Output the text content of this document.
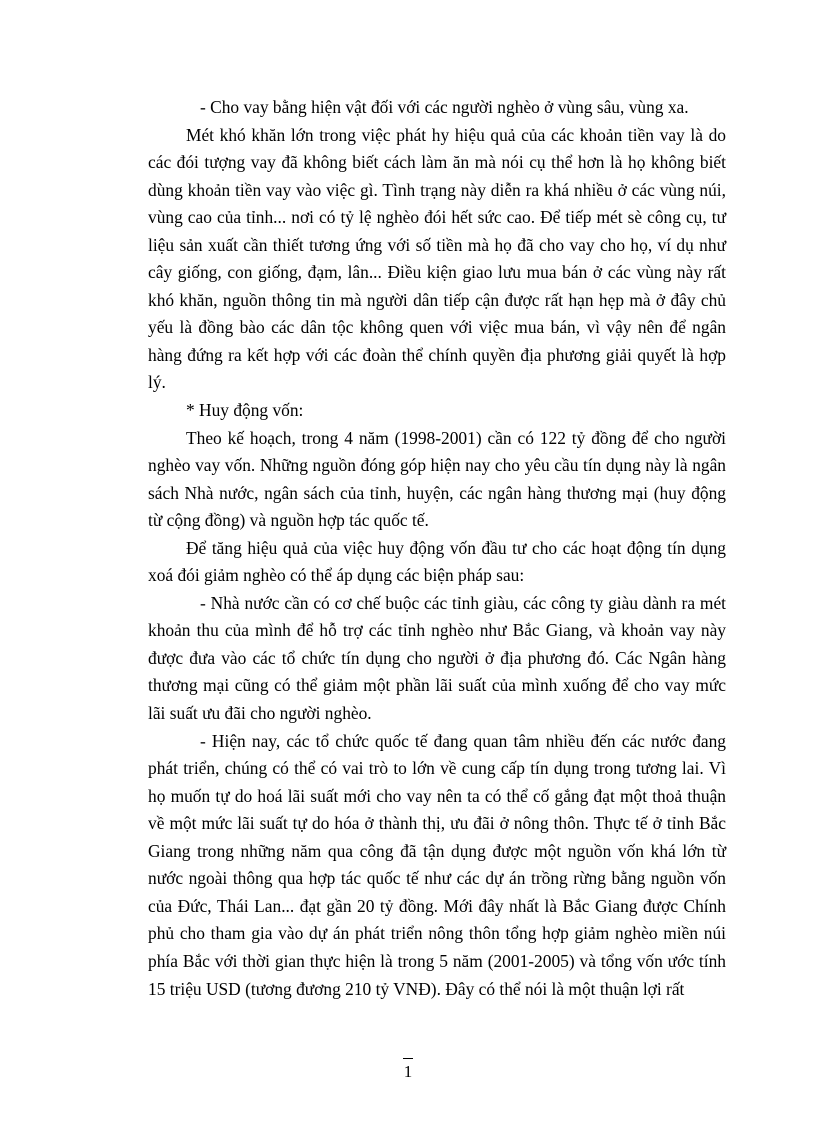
- Cho vay bằng hiện vật đối với các người nghèo ở vùng sâu, vùng xa.

Mét khó khăn lớn trong việc phát hy hiệu quả của các khoản tiền vay là do các đói tượng vay đã không biết cách làm ăn mà nói cụ thể hơn là họ không biết dùng khoản tiền vay vào việc gì. Tình trạng này diễn ra khá nhiều ở các vùng núi, vùng cao của tỉnh... nơi có tỷ lệ nghèo đói hết sức cao. Để tiếp mét sè công cụ, tư liệu sản xuất cần thiết tương ứng với số tiền mà họ đã cho vay cho họ, ví dụ như cây giống, con giống, đạm, lân... Điều kiện giao lưu mua bán ở các vùng này rất khó khăn, nguồn thông tin mà người dân tiếp cận được rất hạn hẹp mà ở đây chủ yếu là đồng bào các dân tộc không quen với việc mua bán, vì vậy nên để ngân hàng đứng ra kết hợp với các đoàn thể chính quyền địa phương giải quyết là hợp lý.

* Huy động vốn:

Theo kế hoạch, trong 4 năm (1998-2001) cần có 122 tỷ đồng để cho người nghèo vay vốn. Những nguồn đóng góp hiện nay cho yêu cầu tín dụng này là ngân sách Nhà nước, ngân sách của tỉnh, huyện, các ngân hàng thương mại (huy động từ cộng đồng) và nguồn hợp tác quốc tế.

Để tăng hiệu quả của việc huy động vốn đầu tư cho các hoạt động tín dụng xoá đói giảm nghèo có thể áp dụng các biện pháp sau:

- Nhà nước cần có cơ chế buộc các tỉnh giàu, các công ty giàu dành ra mét khoản thu của mình để hỗ trợ các tỉnh nghèo như Bắc Giang, và khoản vay này được đưa vào các tổ chức tín dụng cho người ở địa phương đó. Các Ngân hàng thương mại cũng có thể giảm một phần lãi suất của mình xuống để cho vay mức lãi suất ưu đãi cho người nghèo.

- Hiện nay, các tổ chức quốc tế đang quan tâm nhiều đến các nước đang phát triển, chúng có thể có vai trò to lớn về cung cấp tín dụng trong tương lai. Vì họ muốn tự do hoá lãi suất mới cho vay nên ta có thể cố gắng đạt một thoả thuận về một mức lãi suất tự do hóa ở thành thị, ưu đãi ở nông thôn. Thực tế ở tỉnh Bắc Giang trong những năm qua công đã tận dụng được một nguồn vốn khá lớn từ nước ngoài thông qua hợp tác quốc tế như các dự án trồng rừng bằng nguồn vốn của Đức, Thái Lan... đạt gần 20 tỷ đồng. Mới đây nhất là Bắc Giang được Chính phủ cho tham gia vào dự án phát triển nông thôn tổng hợp giảm nghèo miền núi phía Bắc với thời gian thực hiện là trong 5 năm (2001-2005) và tổng vốn ước tính 15 triệu USD (tương đương 210 tỷ VNĐ). Đây có thể nói là một thuận lợi rất

1
